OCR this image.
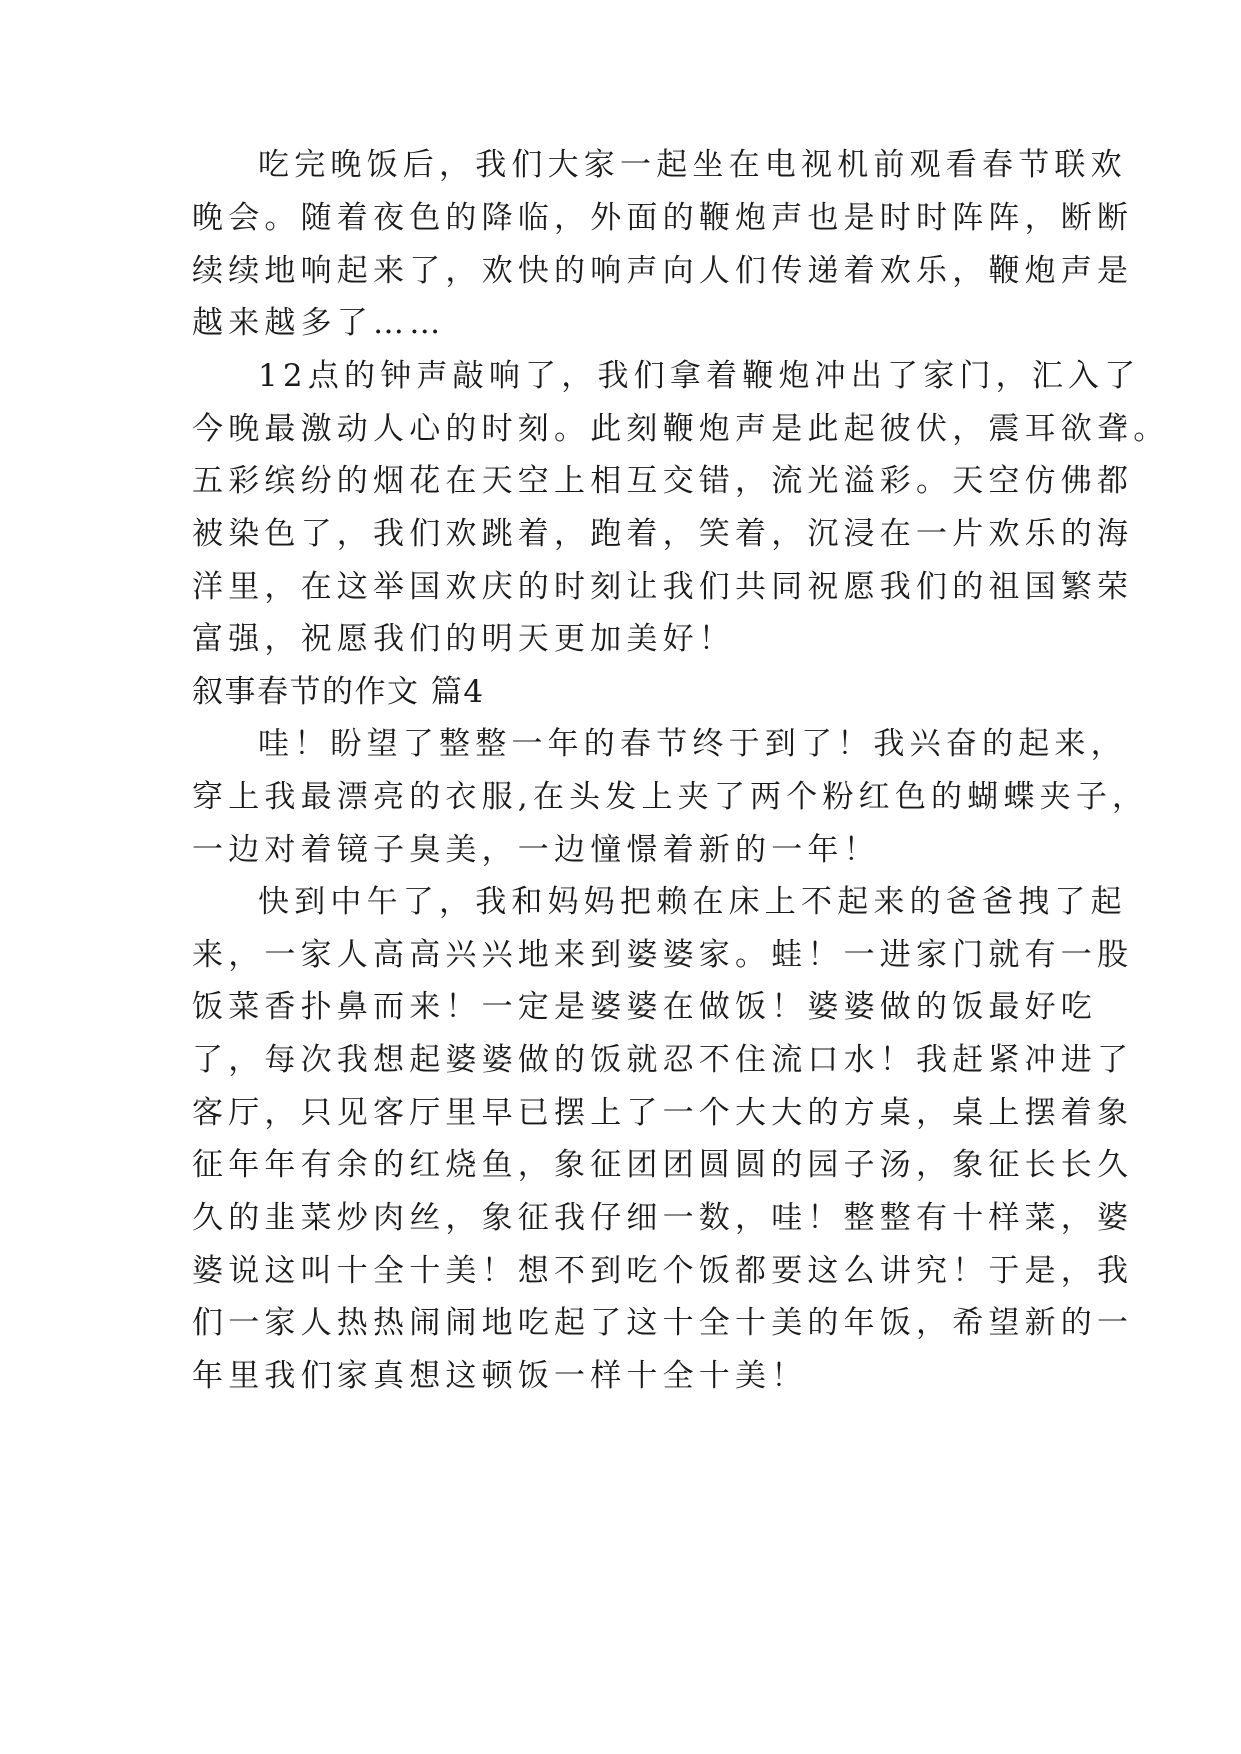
吃完晚饭后，我们大家一起坐在电视机前观看春节联欢
晚会。随着夜色的降临，外面的鞭炮声也是时时阵阵，断断
续续地响起来了，欢快的响声向人们传递着欢乐，鞭炮声是
越来越多了……
12点的钟声敲响了，我们拿着鞭炮冲出了家门，汇入了
今晚最激动人心的时刻。此刻鞭炮声是此起彼伏，震耳欲聋。
五彩缤纷的烟花在天空上相互交错，流光溢彩。天空仿佛都
被染色了，我们欢跳着，跑着，笑着，沉浸在一片欢乐的海
洋里，在这举国欢庆的时刻让我们共同祝愿我们的祖国繁荣
富强，祝愿我们的明天更加美好！
叙事春节的作文 篇4
哇！盼望了整整一年的春节终于到了！我兴奋的起来，
穿上我最漂亮的衣服,在头发上夹了两个粉红色的蝴蝶夹子，
一边对着镜子臭美，一边憧憬着新的一年！
快到中午了，我和妈妈把赖在床上不起来的爸爸拽了起
来，一家人高高兴兴地来到婆婆家。蛙！一进家门就有一股
饭菜香扑鼻而来！一定是婆婆在做饭！婆婆做的饭最好吃
了，每次我想起婆婆做的饭就忍不住流口水！我赶紧冲进了
客厅，只见客厅里早已摆上了一个大大的方桌，桌上摆着象
征年年有余的红烧鱼，象征团团圆圆的园子汤，象征长长久
久的韭菜炒肉丝，象征我仔细一数，哇！整整有十样菜，婆
婆说这叫十全十美！想不到吃个饭都要这么讲究！于是，我
们一家人热热闹闹地吃起了这十全十美的年饭，希望新的一
年里我们家真想这顿饭一样十全十美！
